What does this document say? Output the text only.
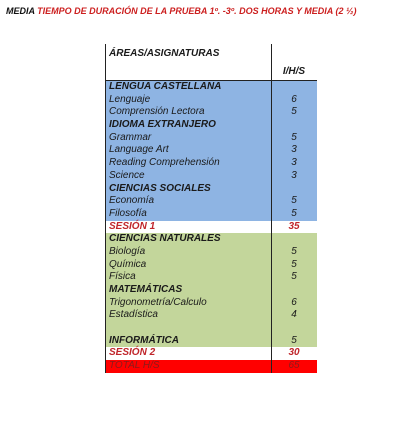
MEDIA TIEMPO DE DURACIÓN DE LA PRUEBA 1º. -3º. DOS HORAS Y MEDIA (2 ½)
ÁREAS/ASIGNATURAS
I/H/S
LENGUA CASTELLANA
Lenguaje	6
Comprensión Lectora	5
IDIOMA EXTRANJERO
Grammar	5
Language Art	3
Reading Comprehensión	3
Science	3
CIENCIAS SOCIALES
Economía	5
Filosofía	5
SESIÓN 1	35
CIENCIAS NATURALES
Biología	5
Química	5
Física	5
MATEMÁTICAS
Trigonometría/Calculo	6
Estadística	4
INFORMÁTICA	5
SESIÓN 2	30
TOTAL H/S	65
